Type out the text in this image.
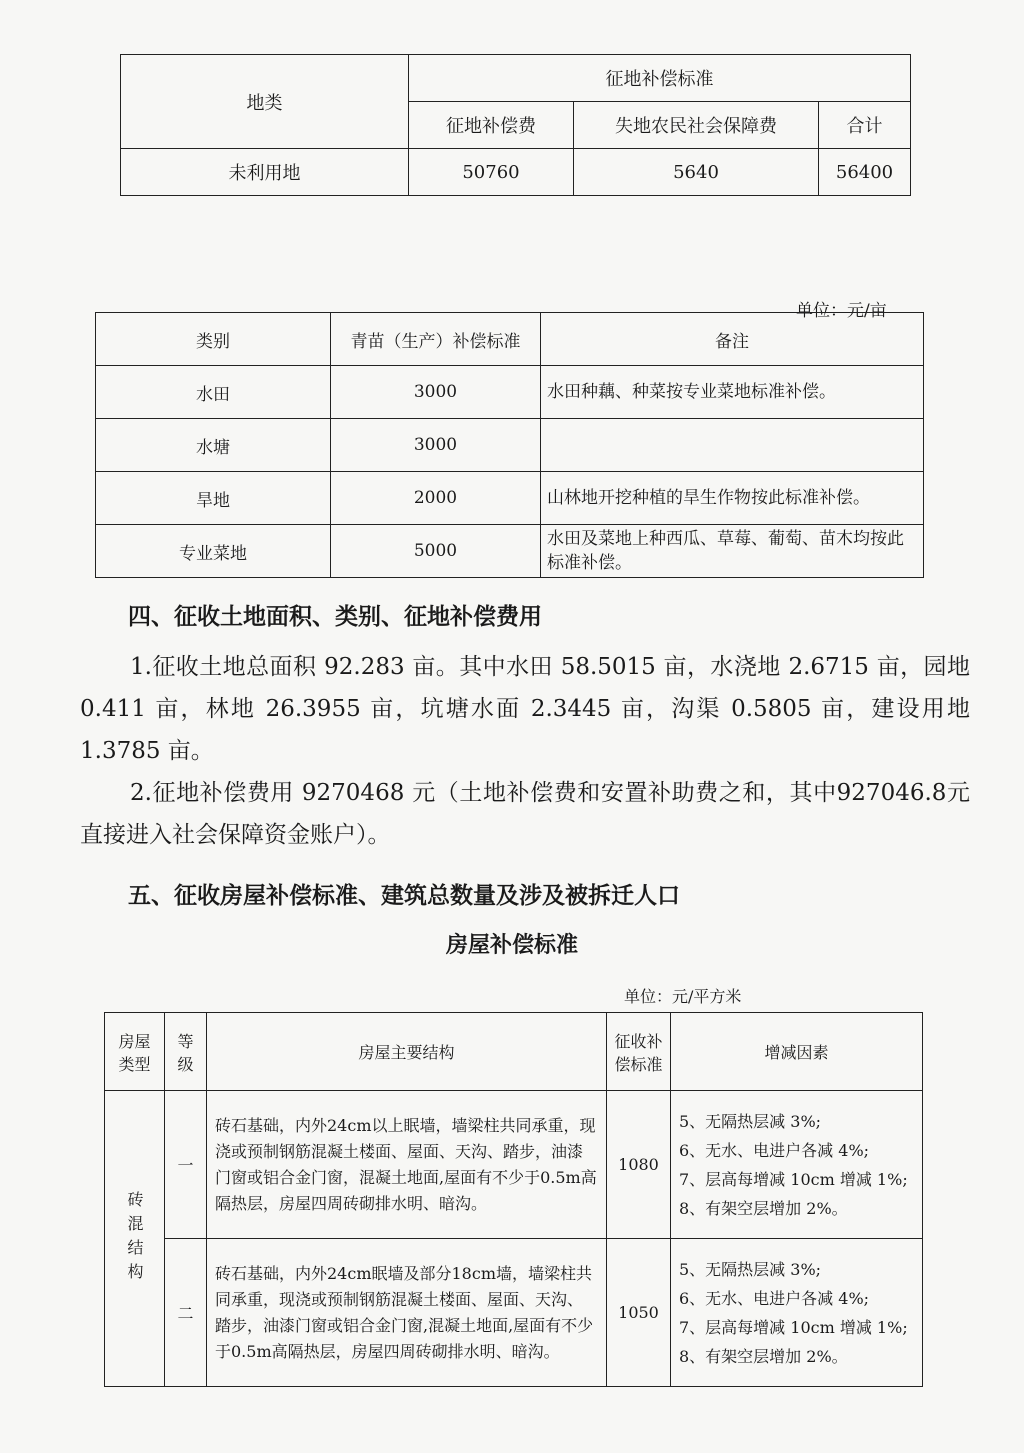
地类	征地补偿标准		
	征地补偿费	失地农民社会保障费	合计
未利用地	50760	5640	56400
单位：元/亩
类别	青苗（生产）补偿标准	备注
水田	3000	水田种藕、种菜按专业菜地标准补偿。
水塘	3000	
旱地	2000	山林地开挖种植的旱生作物按此标准补偿。
专业菜地	5000	水田及菜地上种西瓜、草莓、葡萄、苗木均按此标准补偿。
四、征收土地面积、类别、征地补偿费用
1.征收土地总面积 92.283 亩。其中水田 58.5015 亩，水浇地 2.6715 亩，园地 0.411 亩，林地 26.3955 亩，坑塘水面 2.3445 亩，沟渠 0.5805 亩，建设用地 1.3785 亩。
2.征地补偿费用 9270468 元（土地补偿费和安置补助费之和，其中927046.8元直接进入社会保障资金账户）。
五、征收房屋补偿标准、建筑总数量及涉及被拆迁人口
房屋补偿标准
单位：元/平方米
房屋类型	等级	房屋主要结构	征收补偿标准	增减因素

砖混结构	一	砖石基础，内外24cm以上眠墙，墙梁柱共同承重，现浇或预制钢筋混凝土楼面、屋面、天沟、踏步，油漆门窗或铝合金门窗，混凝土地面,屋面有不少于0.5m高隔热层，房屋四周砖砌排水明、暗沟。	1080	5、无隔热层减 3%;
6、无水、电进户各减 4%;
7、层高每增减 10cm 增减 1%;
8、有架空层增加 2%。

	二	砖石基础，内外24cm眠墙及部分18cm墙，墙梁柱共同承重，现浇或预制钢筋混凝土楼面、屋面、天沟、踏步，油漆门窗或铝合金门窗,混凝土地面,屋面有不少于0.5m高隔热层，房屋四周砖砌排水明、暗沟。	1050	5、无隔热层减 3%;
6、无水、电进户各减 4%;
7、层高每增减 10cm 增减 1%;
8、有架空层增加 2%。
